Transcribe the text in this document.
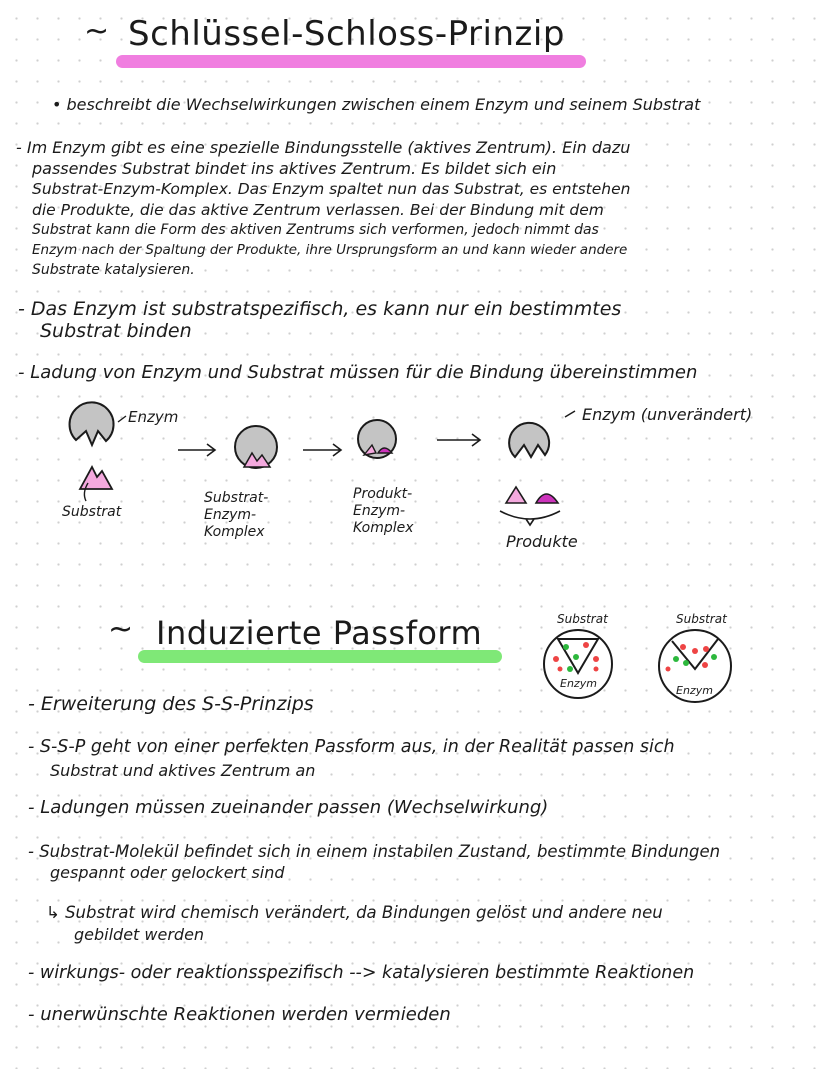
~ Schlüssel-Schloss-Prinzip
• beschreibt die Wechselwirkungen zwischen einem Enzym und seinem Substrat
- Im Enzym gibt es eine spezielle Bindungsstelle (aktives Zentrum). Ein dazu
passendes Substrat bindet ins aktives Zentrum. Es bildet sich ein
Substrat-Enzym-Komplex. Das Enzym spaltet nun das Substrat, es entstehen
die Produkte, die das aktive Zentrum verlassen. Bei der Bindung mit dem
Substrat kann die Form des aktiven Zentrums sich verformen, jedoch nimmt das
Enzym nach der Spaltung der Produkte, ihre Ursprungsform an und kann wieder andere
Substrate katalysieren.
- Das Enzym ist substratspezifisch, es kann nur ein bestimmtes
Substrat binden
- Ladung von Enzym und Substrat müssen für die Bindung übereinstimmen
Enzym	Enzym (unverändert)
Substrat
Substrat-
Enzym-
Komplex
Produkt-
Enzym-
Komplex
Produkte
~ Induzierte Passform	Substrat	Substrat
Enzym
Enzym
- Erweiterung des S-S-Prinzips
- S-S-P geht von einer perfekten Passform aus, in der Realität passen sich
Substrat und aktives Zentrum an
- Ladungen müssen zueinander passen (Wechselwirkung)
- Substrat-Molekül befindet sich in einem instabilen Zustand, bestimmte Bindungen
gespannt oder gelockert sind
↳ Substrat wird chemisch verändert, da Bindungen gelöst und andere neu
gebildet werden
- wirkungs- oder reaktionsspezifisch --> katalysieren bestimmte Reaktionen
- unerwünschte Reaktionen werden vermieden
